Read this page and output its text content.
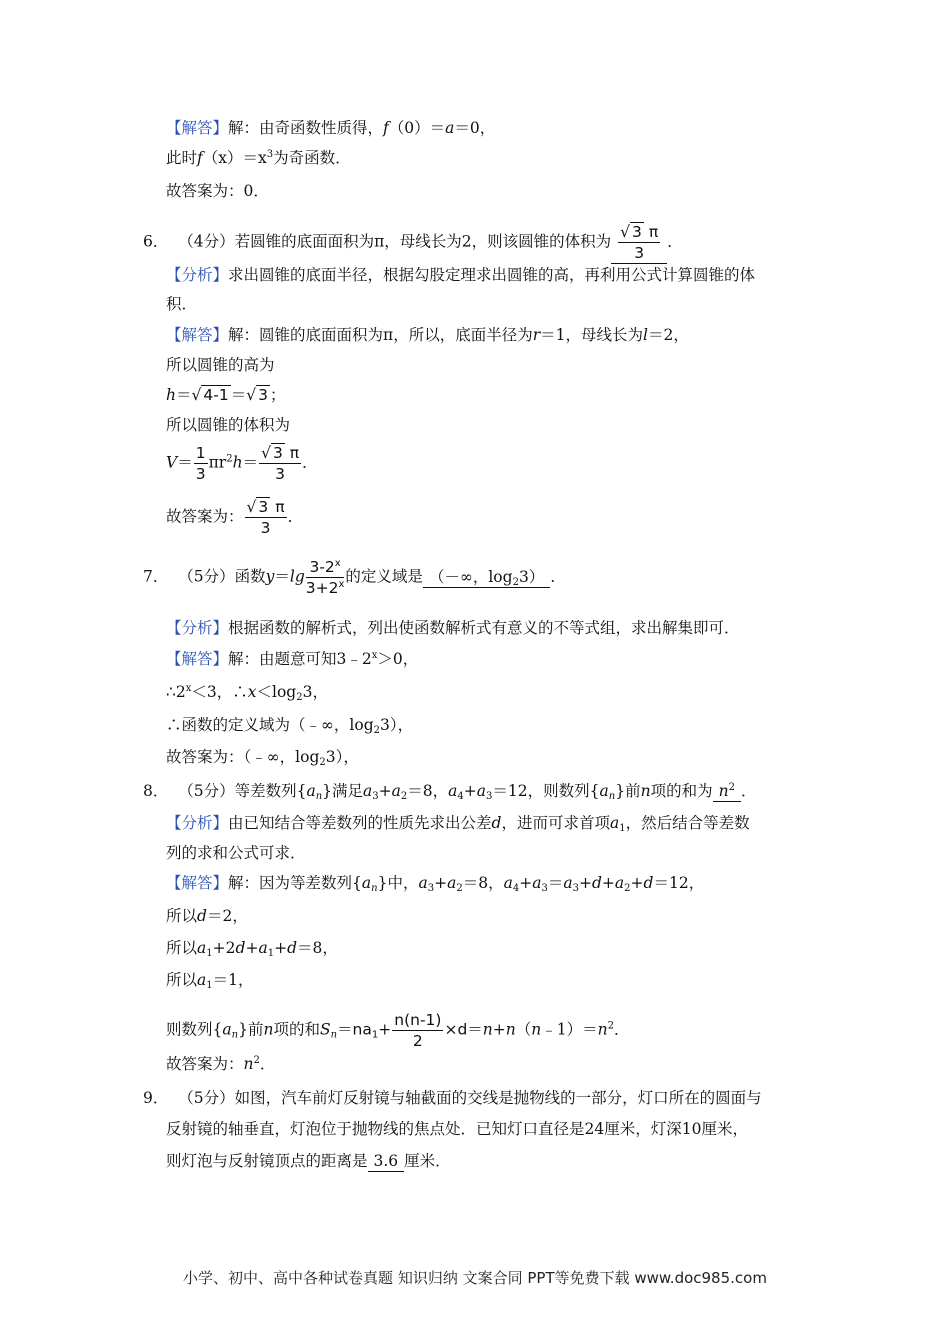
【解答】解：由奇函数性质得，f（0）＝a＝0，
此时$f(x)=x^3$为奇函数．
故答案为：0．
6． （4分）若圆锥的底面面积为π，母线长为2，则该圆锥的体积为 $\frac{√ 3 \pi}{3}$ ．
【分析】求出圆锥的底面半径，根据勾股定理求出圆锥的高，再利用公式计算圆锥的体
积．
【解答】解：圆锥的底面面积为π，所以，底面半径为r＝1，母线长为l＝2，
所以圆锥的高为
h＝√ 4-1 ＝√ 3 ；
所以圆锥的体积为
$V= \frac{1}{3} \pi r^2h= \frac{√ 3 \pi}{3}$ ．
故答案为： $\frac{√ 3 \pi}{3}$ ．
7． （5分）函数$y=\lg \frac{3-2^x}{3+2^x}$ 的定义域是 （－∞，$\log_23$） ．
【分析】根据函数的解析式，列出使函数解析式有意义的不等式组，求出解集即可．
【解答】解：由题意可知$3﹣2^x>0$，
$\therefore 2^x<3$，$\therefore x<\log_23$，
∴函数的定义域为（﹣∞，$\log_23$），
故答案为：（﹣∞，$\log_23$），
8． （5分）等差数列$\{a_n\}$满足$a_3+a_2=8$，$a_4+a_3=12$，则数列$\{a_n\}$前n项的和为 $n^2$ ．
【分析】由已知结合等差数列的性质先求出公差d，进而可求首项$a_1$，然后结合等差数
列的求和公式可求．
【解答】解：因为等差数列$\{a_n\}$中，$a_3+a_2=8$，$a_4+a_3=a_3+d+a_2+d=12$，
所以d＝2，
所以$a_1+2d+a_1+d=8$，
所以$a_1=1$，
则数列$\{a_n\}$前n项的和$S_n=na_1+ \frac{n(n-1)}{2}$ $\times d=n+n(n﹣1)=n^2$．
故答案为：$n^2$．
9． （5分）如图，汽车前灯反射镜与轴截面的交线是抛物线的一部分，灯口所在的圆面与
反射镜的轴垂直，灯泡位于抛物线的焦点处．已知灯口直径是24厘米，灯深10厘米，
则灯泡与反射镜顶点的距离是 3.6 厘米．
小学、初中、高中各种试卷真题 知识归纳 文案合同 PPT等免费下载 www.doc985.com
